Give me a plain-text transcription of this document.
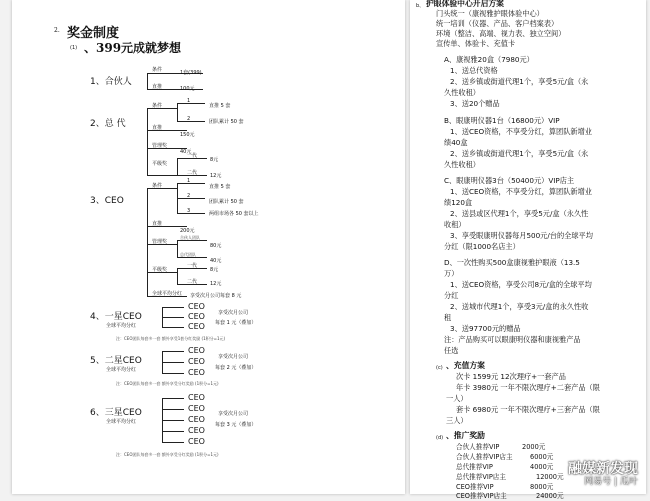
2. 奖金制度
(1) 、399元成就梦想
1、合伙人
条件
直推
1套(399)
100元
2、总 代
条件
直推
管理奖
平级奖
1
2
直推 5 套
团队累计 50 套
150元
40元
一代
二代
8元
12元
3、CEO
条件
直推
管理奖
平级奖
全球平均分红
1
2
3
直推 5 套
团队累计 50 套
两组市场各 50 套以上
200元
合伙人团队
总代团队
80元
40元
一代
二代
8元
12元
享受次月公司每套 8 元
4、一星CEO
全球平均分红
CEO
CEO
CEO
享受次月公司
每套 1 元（叠加）
注：CEO团队每套多一套 额外享受1套分红奖励 (1积分=1元)
5、二星CEO
全球平均分红
CEO
CEO
CEO
享受次月公司
每套 2 元（叠加）
注：CEO团队每套多一套 额外享受分红奖励 (1积分=1元)
6、三星CEO
全球平均分红
CEO
CEO
CEO
CEO
CEO
享受次月公司
每套 3 元（叠加）
注：CEO团队每套多一套 额外享受分红奖励 (1积分=1元)
b、 护眼体验中心开启方案
门头统一（康视雅护眼体验中心）
统一培训（仪器、产品、客户档案表）
环境（整洁、高端、视力表、独立空间）
宣传单、体验卡、充值卡
A、康视雅20盒（7980元）
1、送总代资格
2、送乡镇或街道代理1个，享受5元/盒（永
久性收租）
3、送20个赠品
B、眼康明仪器1台（16800元）VIP
1、送CEO资格，不享受分红，算团队新增业
绩40盒
2、送乡镇或街道代理1个，享受5元/盒（永
久性收租）
C、眼康明仪器3台（50400元）VIP店主
1、送CEO资格，不享受分红，算团队新增业
绩120盒
2、送县或区代理1个，享受5元/盒（永久性
收租）
3、享受眼康明仪器每月500元/台的全球平均
分红（限1000名店主）
D、一次性购买500盒康视雅护眼液（13.5
万）
1、送CEO资格，享受公司8元/盒的全球平均
分红
2、送城市代理1个，享受3元/盒的永久性收
租
3、送97700元的赠品
注：产品购买可以眼康明仪器和康视雅产品
任选
(c) 、充值方案
次卡 1599元 12次理疗+一套产品
年卡 3980元 一年不限次理疗+二套产品（限
一人）
套卡 6980元 一年不限次理疗+三套产品（限
三人）
(d) 、推广奖励
合伙人推荐VIP	2000元
合伙人推荐VIP店主	6000元
总代推荐VIP	4000元
总代推荐VIP店主	12000元
CEO推荐VIP	8000元
CEO推荐VIP店主	24000元
融媒新发现
网易号 | 瓜叶
